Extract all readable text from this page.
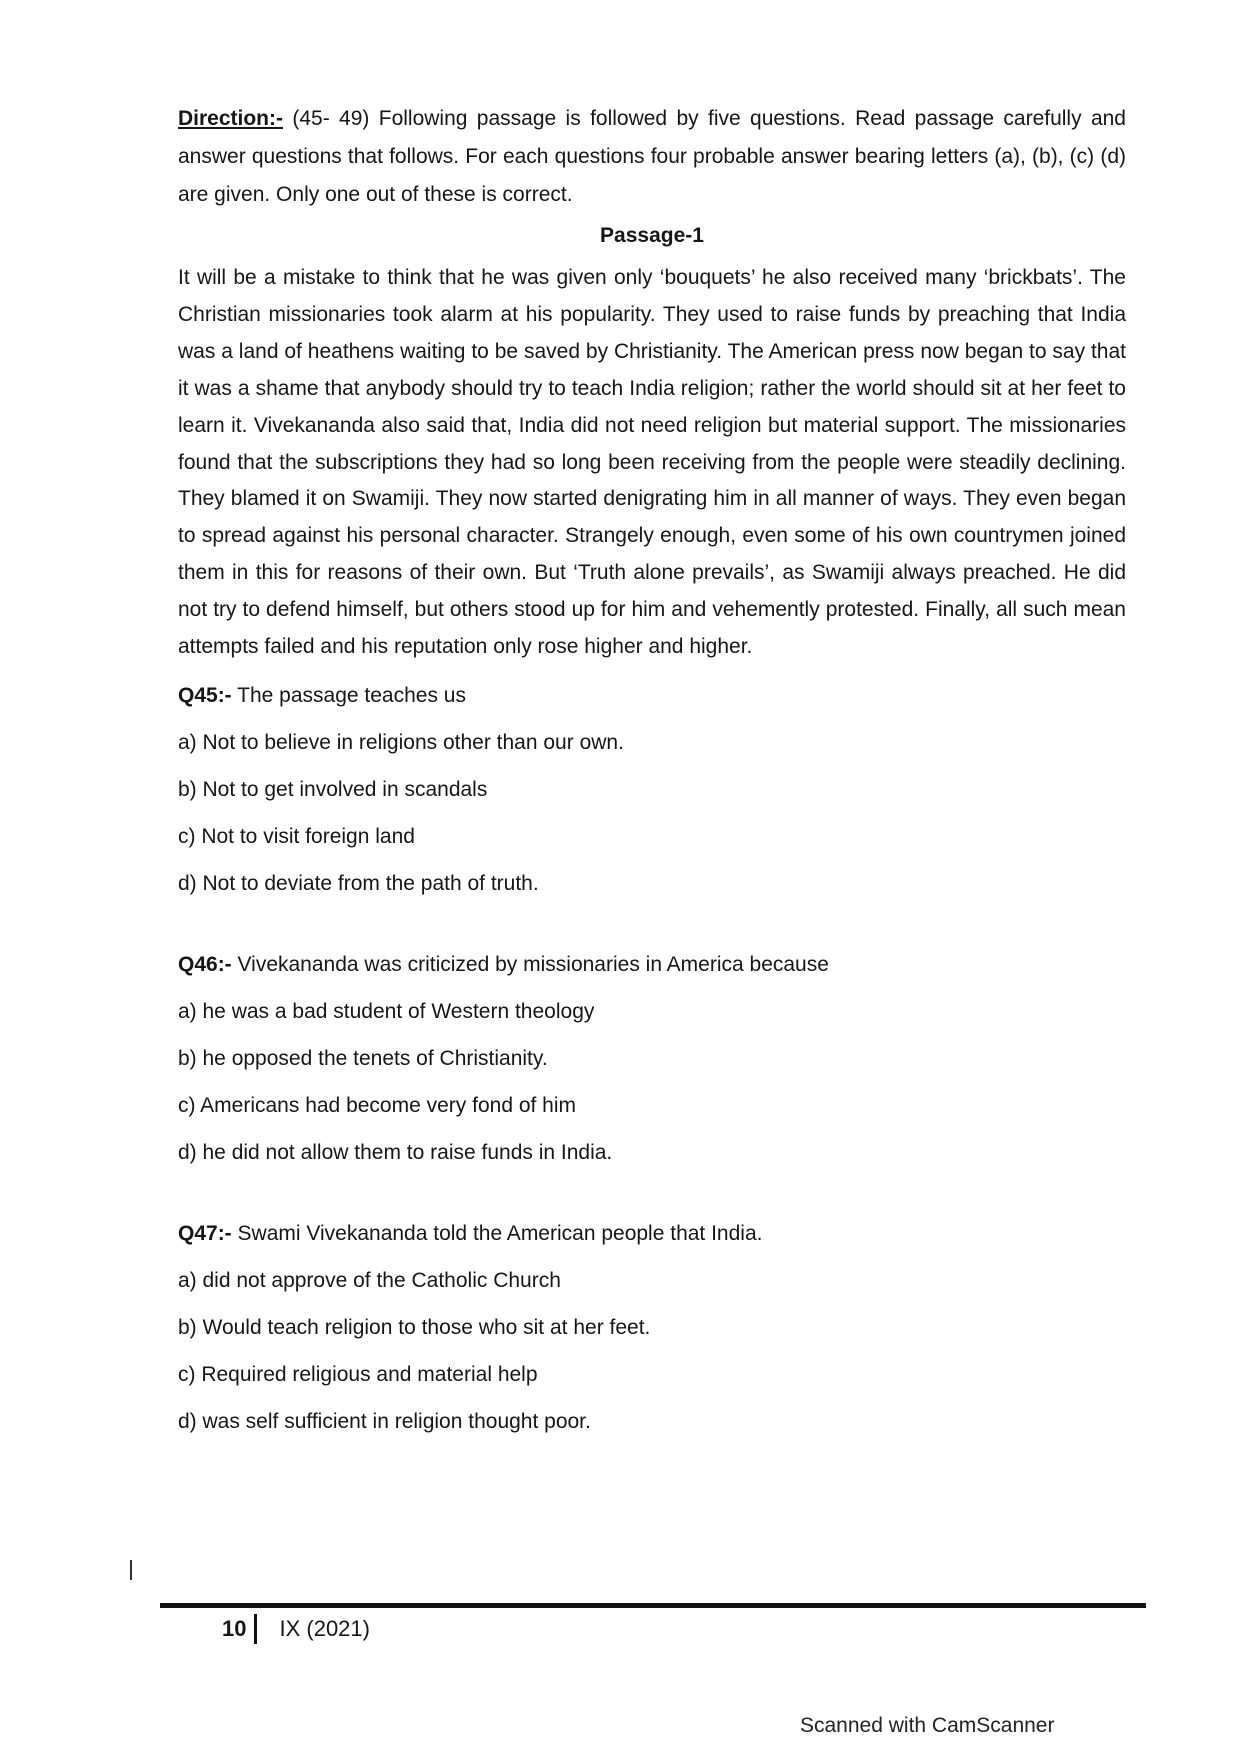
Direction:- (45- 49) Following passage is followed by five questions. Read passage carefully and answer questions that follows. For each questions four probable answer bearing letters (a), (b), (c) (d) are given. Only one out of these is correct.

Passage-1

It will be a mistake to think that he was given only ‘bouquets’ he also received many ‘brickbats’. The Christian missionaries took alarm at his popularity. They used to raise funds by preaching that India was a land of heathens waiting to be saved by Christianity. The American press now began to say that it was a shame that anybody should try to teach India religion; rather the world should sit at her feet to learn it. Vivekananda also said that, India did not need religion but material support. The missionaries found that the subscriptions they had so long been receiving from the people were steadily declining. They blamed it on Swamiji. They now started denigrating him in all manner of ways. They even began to spread against his personal character. Strangely enough, even some of his own countrymen joined them in this for reasons of their own. But ‘Truth alone prevails’, as Swamiji always preached. He did not try to defend himself, but others stood up for him and vehemently protested. Finally, all such mean attempts failed and his reputation only rose higher and higher.

Q45:- The passage teaches us

a) Not to believe in religions other than our own.
b) Not to get involved in scandals
c) Not to visit foreign land
d) Not to deviate from the path of truth.

Q46:- Vivekananda was criticized by missionaries in America because

a) he was a bad student of Western theology
b) he opposed the tenets of Christianity.
c) Americans had become very fond of him
d) he did not allow them to raise funds in India.

Q47:- Swami Vivekananda told the American people that India.

a) did not approve of the Catholic Church
b) Would teach religion to those who sit at her feet.
c) Required religious and material help
d) was self sufficient in religion thought poor.
10 IX (2021)
Scanned with CamScanner
